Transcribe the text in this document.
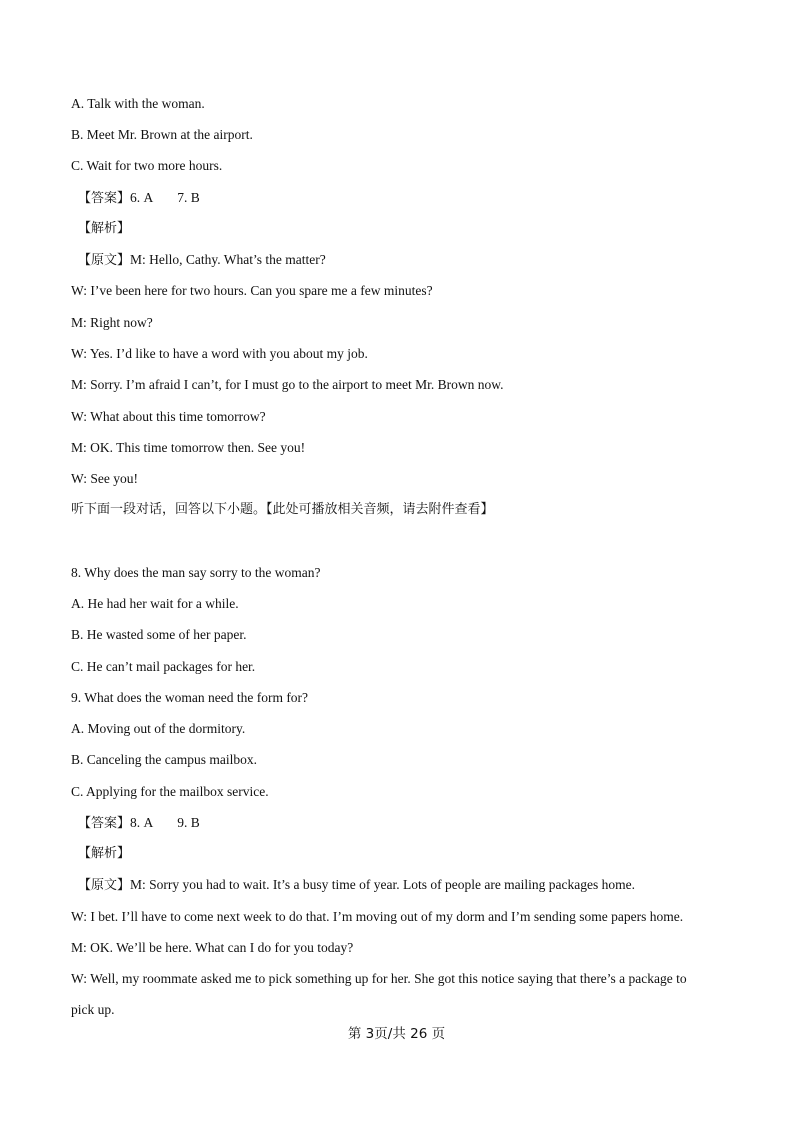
A. Talk with the woman.
B. Meet Mr. Brown at the airport.
C. Wait for two more hours.
【答案】6. A 7. B
【解析】
【原文】M: Hello, Cathy. What’s the matter?
W: I’ve been here for two hours. Can you spare me a few minutes?
M: Right now?
W: Yes. I’d like to have a word with you about my job.
M: Sorry. I’m afraid I can’t, for I must go to the airport to meet Mr. Brown now.
W: What about this time tomorrow?
M: OK. This time tomorrow then. See you!
W: See you!
听下面一段对话，回答以下小题。【此处可播放相关音频，请去附件查看】
8. Why does the man say sorry to the woman?
A. He had her wait for a while.
B. He wasted some of her paper.
C. He can’t mail packages for her.
9. What does the woman need the form for?
A. Moving out of the dormitory.
B. Canceling the campus mailbox.
C. Applying for the mailbox service.
【答案】8. A 9. B
【解析】
【原文】M: Sorry you had to wait. It’s a busy time of year. Lots of people are mailing packages home.
W: I bet. I’ll have to come next week to do that. I’m moving out of my dorm and I’m sending some papers home.
M: OK. We’ll be here. What can I do for you today?
W: Well, my roommate asked me to pick something up for her. She got this notice saying that there’s a package to
pick up.
第 3页/共 26 页
